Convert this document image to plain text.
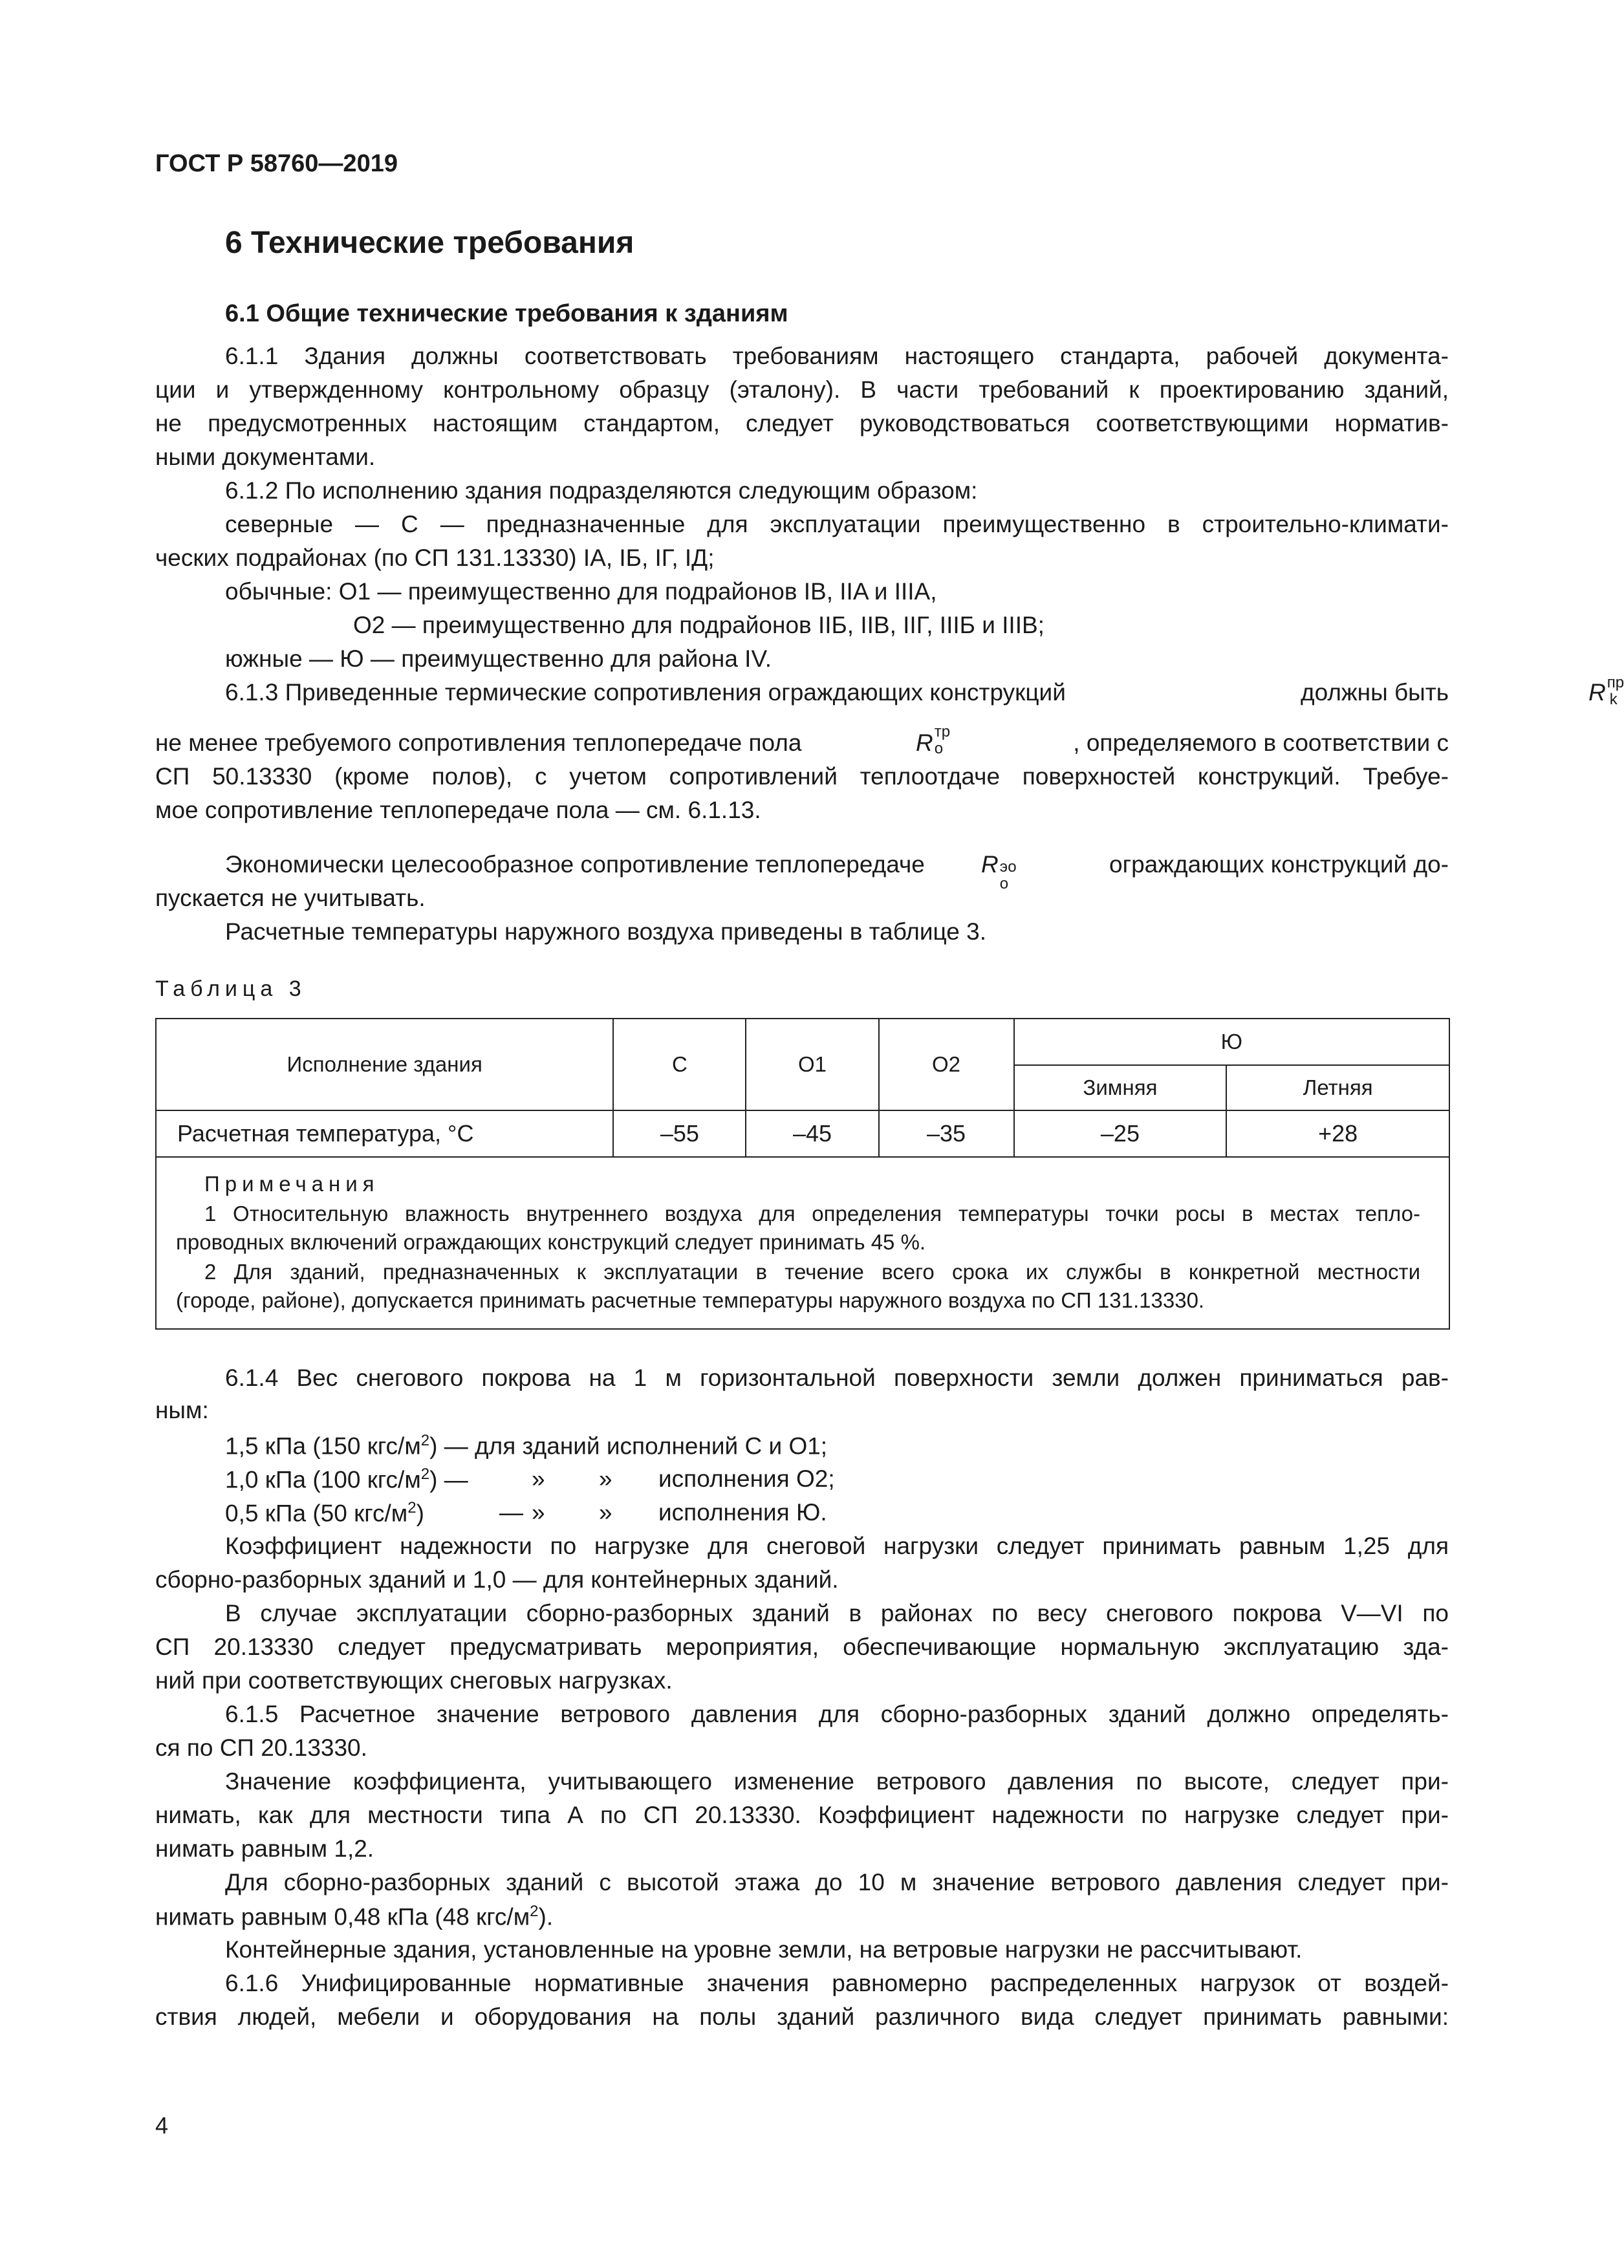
ГОСТ Р 58760—2019
6 Технические требования
6.1 Общие технические требования к зданиям
6.1.1 Здания должны соответствовать требованиям настоящего стандарта, рабочей документа-
ции и утвержденному контрольному образцу (эталону). В части требований к проектированию зданий,
не предусмотренных настоящим стандартом, следует руководствоваться соответствующими норматив-
ными документами.
6.1.2 По исполнению здания подразделяются следующим образом:
северные — С — предназначенные для эксплуатации преимущественно в строительно-климати-
ческих подрайонах (по СП 131.13330) IA, IБ, IГ, IД;
обычные: О1 — преимущественно для подрайонов IB, IIA и IIIA,
О2 — преимущественно для подрайонов IIБ, IIB, IIГ, IIIБ и IIIB;
южные — Ю — преимущественно для района IV.
6.1.3 Приведенные термические сопротивления ограждающих конструкций	R пр
k
должны быть
не менее требуемого сопротивления теплопередаче пола	R тр
о	, определяемого в соответствии с
СП 50.13330 (кроме полов), с учетом сопротивлений теплоотдаче поверхностей конструкций. Требуе-
мое сопротивление теплопередаче пола — см. 6.1.13.
Экономически целесообразное сопротивление теплопередаче R эо
о
ограждающих конструкций до-
пускается не учитывать.
Расчетные температуры наружного воздуха приведены в таблице 3.
Таблица 3
Исполнение здания	С	О1	О2	Ю	
				Зимняя	Летняя
Расчетная температура, °С	–55	–45	–35	–25	+28
Примечания
1 Относительную влажность внутреннего воздуха для определения температуры точки росы в местах тепло-
проводных включений ограждающих конструкций следует принимать 45 %.
2 Для зданий, предназначенных к эксплуатации в течение всего срока их службы в конкретной местности
(городе, районе), допускается принимать расчетные температуры наружного воздуха по СП 131.13330.
6.1.4 Вес снегового покрова на 1 м горизонтальной поверхности земли должен приниматься рав-
ным:
1,5 кПа (150 кгс/$м^2$) — для зданий исполнений С и О1;
1,0 кПа (100 кгс/$м^2$) —	» » исполнения О2;
0,5 кПа (50 кгс/$м^2$)	— » » исполнения Ю.
Коэффициент надежности по нагрузке для снеговой нагрузки следует принимать равным 1,25 для
сборно-разборных зданий и 1,0 — для контейнерных зданий.
В случае эксплуатации сборно-разборных зданий в районах по весу снегового покрова V—VI по
СП 20.13330 следует предусматривать мероприятия, обеспечивающие нормальную эксплуатацию зда-
ний при соответствующих снеговых нагрузках.
6.1.5 Расчетное значение ветрового давления для сборно-разборных зданий должно определять-
ся по СП 20.13330.
Значение коэффициента, учитывающего изменение ветрового давления по высоте, следует при-
нимать, как для местности типа А по СП 20.13330. Коэффициент надежности по нагрузке следует при-
нимать равным 1,2.
Для сборно-разборных зданий с высотой этажа до 10 м значение ветрового давления следует при-
нимать равным 0,48 кПа (48 кгс/$м^2$).
Контейнерные здания, установленные на уровне земли, на ветровые нагрузки не рассчитывают.
6.1.6 Унифицированные нормативные значения равномерно распределенных нагрузок от воздей-
ствия людей, мебели и оборудования на полы зданий различного вида следует принимать равными:
4
